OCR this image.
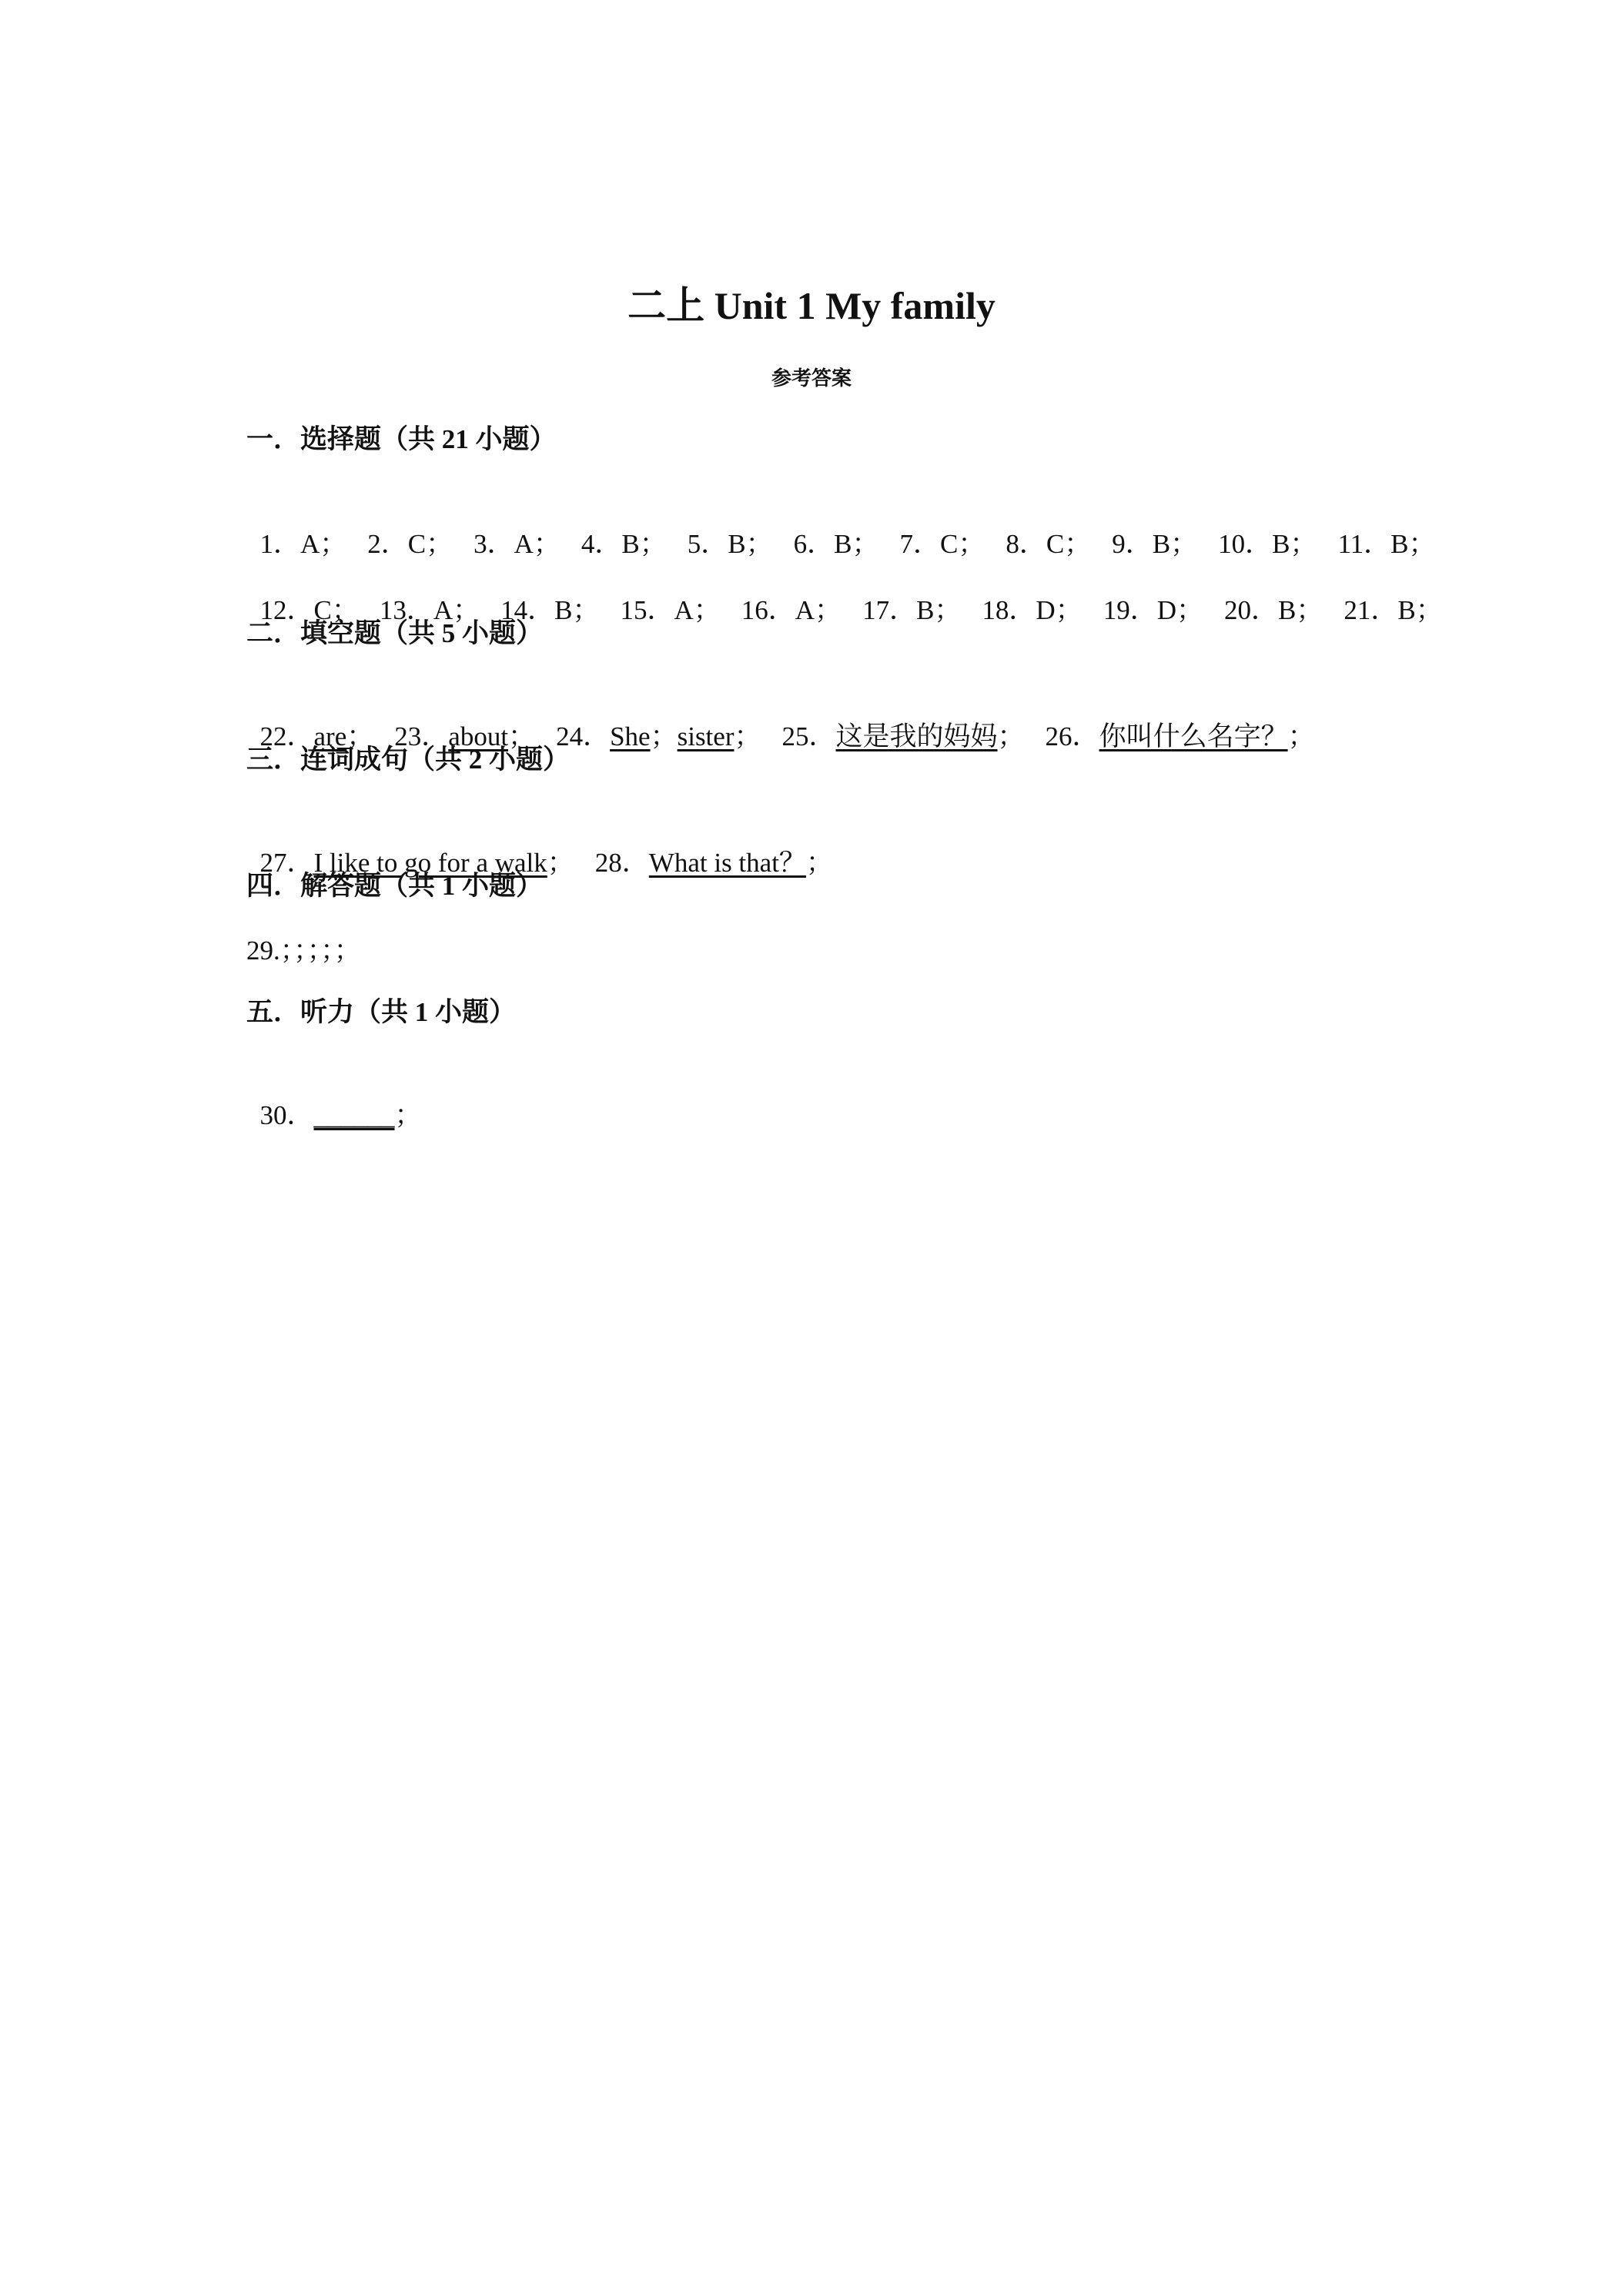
二上 Unit 1 My family
参考答案
一．选择题（共 21 小题）

1．A； 2．C； 3．A； 4．B； 5．B； 6．B； 7．C； 8．C； 9．B； 10．B； 11．B；

12．C； 13．A； 14．B； 15．A； 16．A； 17．B； 18．D； 19．D； 20．B； 21．B；

二．填空题（共 5 小题）

22．are； 23．about； 24．She；sister； 25．这是我的妈妈； 26．你叫什么名字？；

三．连词成句（共 2 小题）

27．I like to go for a walk； 28．What is that？；

四．解答题（共 1 小题）
29.；；；；；
五．听力（共 1 小题）

30．______；
